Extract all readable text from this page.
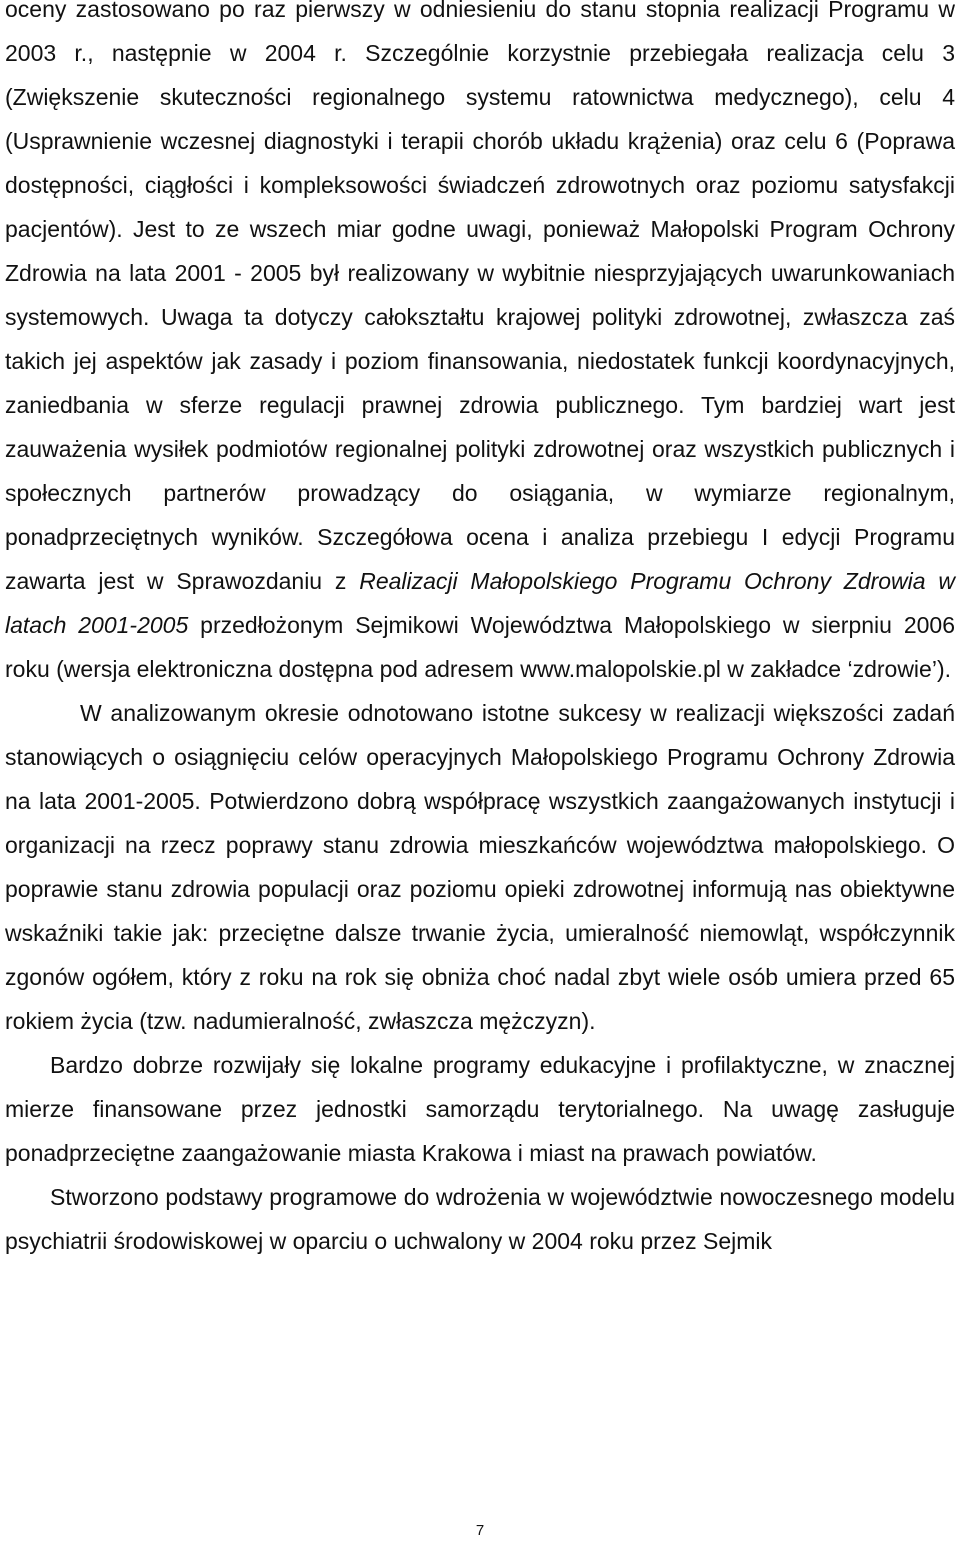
oceny zastosowano po raz pierwszy w odniesieniu do stanu stopnia realizacji Programu w 2003 r., następnie w 2004 r. Szczególnie korzystnie przebiegała realizacja celu 3 (Zwiększenie skuteczności regionalnego systemu ratownictwa medycznego), celu 4 (Usprawnienie wczesnej diagnostyki i terapii chorób układu krążenia) oraz celu 6 (Poprawa dostępności, ciągłości i kompleksowości świadczeń zdrowotnych oraz poziomu satysfakcji pacjentów). Jest to ze wszech miar godne uwagi, ponieważ Małopolski Program Ochrony Zdrowia na lata 2001 - 2005 był realizowany w wybitnie niesprzyjających uwarunkowaniach systemowych. Uwaga ta dotyczy całokształtu krajowej polityki zdrowotnej, zwłaszcza zaś takich jej aspektów jak zasady i poziom finansowania, niedostatek funkcji koordynacyjnych, zaniedbania w sferze regulacji prawnej zdrowia publicznego. Tym bardziej wart jest zauważenia wysiłek podmiotów regionalnej polityki zdrowotnej oraz wszystkich publicznych i społecznych partnerów prowadzący do osiągania, w wymiarze regionalnym, ponadprzeciętnych wyników. Szczegółowa ocena i analiza przebiegu I edycji Programu zawarta jest w Sprawozdaniu z Realizacji Małopolskiego Programu Ochrony Zdrowia w latach 2001-2005 przedłożonym Sejmikowi Województwa Małopolskiego w sierpniu 2006 roku (wersja elektroniczna dostępna pod adresem www.malopolskie.pl w zakładce ‘zdrowie’).

W analizowanym okresie odnotowano istotne sukcesy w realizacji większości zadań stanowiących o osiągnięciu celów operacyjnych Małopolskiego Programu Ochrony Zdrowia na lata 2001-2005. Potwierdzono dobrą współpracę wszystkich zaangażowanych instytucji i organizacji na rzecz poprawy stanu zdrowia mieszkańców województwa małopolskiego. O poprawie stanu zdrowia populacji oraz poziomu opieki zdrowotnej informują nas obiektywne wskaźniki takie jak: przeciętne dalsze trwanie życia, umieralność niemowląt, współczynnik zgonów ogółem, który z roku na rok się obniża choć nadal zbyt wiele osób umiera przed 65 rokiem życia (tzw. nadumieralność, zwłaszcza mężczyzn).

Bardzo dobrze rozwijały się lokalne programy edukacyjne i profilaktyczne, w znacznej mierze finansowane przez jednostki samorządu terytorialnego. Na uwagę zasługuje ponadprzeciętne zaangażowanie miasta Krakowa i miast na prawach powiatów.

Stworzono podstawy programowe do wdrożenia w województwie nowoczesnego modelu psychiatrii środowiskowej w oparciu o uchwalony w 2004 roku przez Sejmik

7
